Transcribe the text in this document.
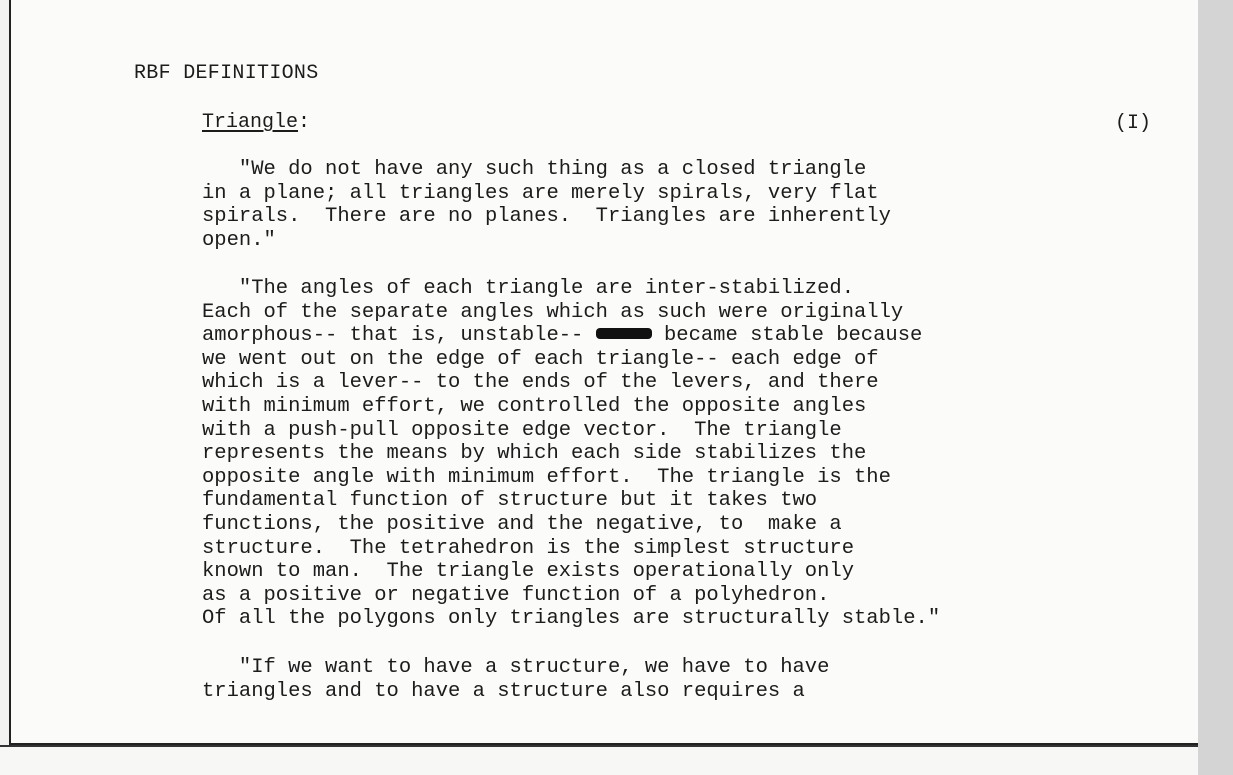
RBF DEFINITIONS
Triangle:	(I)

"We do not have any such thing as a closed triangle
in a plane; all triangles are merely spirals, very flat
spirals.  There are no planes.  Triangles are inherently
open."

"The angles of each triangle are inter-stabilized.
Each of the separate angles which as such were originally
amorphous-- that is, unstable--	became stable because
we went out on the edge of each triangle-- each edge of
which is a lever-- to the ends of the levers, and there
with minimum effort, we controlled the opposite angles
with a push-pull opposite edge vector.  The triangle
represents the means by which each side stabilizes the
opposite angle with minimum effort.  The triangle is the
fundamental function of structure but it takes two
functions, the positive and the negative, to  make a
structure.  The tetrahedron is the simplest structure
known to man.  The triangle exists operationally only
as a positive or negative function of a polyhedron.
Of all the polygons only triangles are structurally stable."

"If we want to have a structure, we have to have
triangles and to have a structure also requires a
